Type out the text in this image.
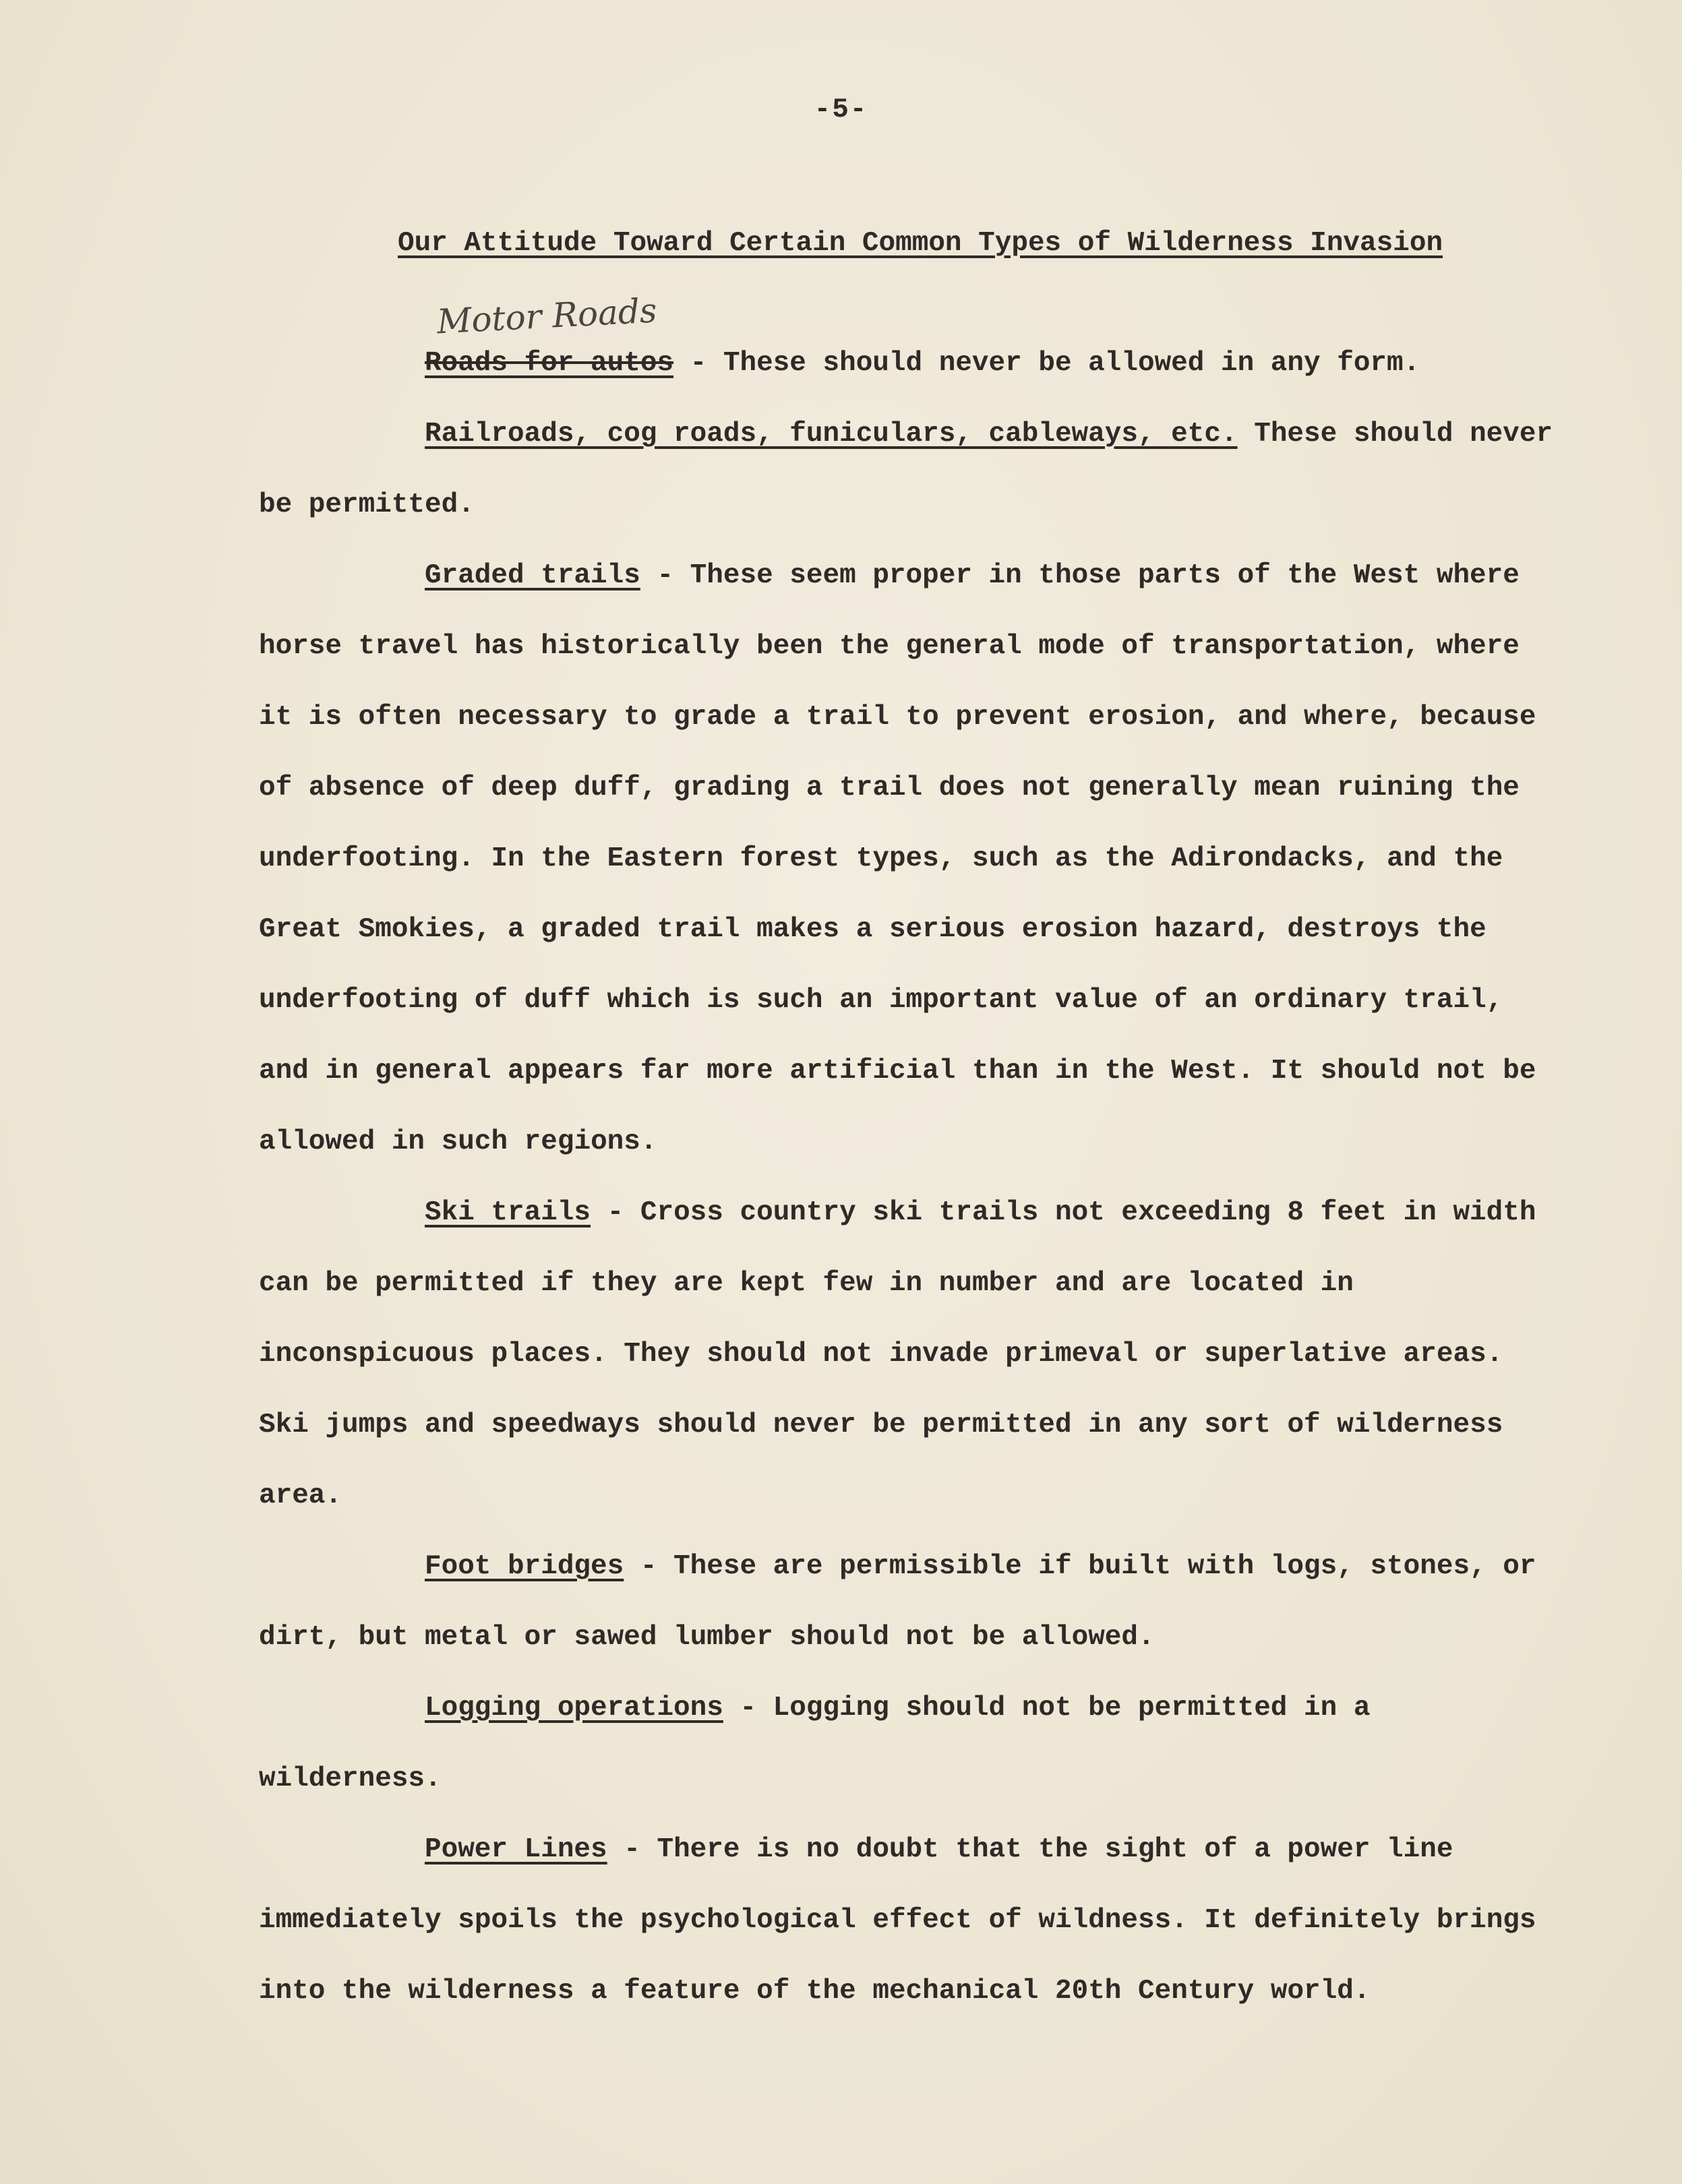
-5-
Our Attitude Toward Certain Common Types of Wilderness Invasion
Motor Roads

Roads for autos - These should never be allowed in any form.

Railroads, cog roads, funiculars, cableways, etc. These should never be permitted.

Graded trails - These seem proper in those parts of the West where horse travel has historically been the general mode of transportation, where it is often necessary to grade a trail to prevent erosion, and where, because of absence of deep duff, grading a trail does not generally mean ruining the underfooting. In the Eastern forest types, such as the Adirondacks, and the Great Smokies, a graded trail makes a serious erosion hazard, destroys the underfooting of duff which is such an important value of an ordinary trail, and in general appears far more artificial than in the West. It should not be allowed in such regions.

Ski trails - Cross country ski trails not exceeding 8 feet in width can be permitted if they are kept few in number and are located in inconspicuous places. They should not invade primeval or superlative areas. Ski jumps and speedways should never be permitted in any sort of wilderness area.

Foot bridges - These are permissible if built with logs, stones, or dirt, but metal or sawed lumber should not be allowed.

Logging operations - Logging should not be permitted in a wilderness.

Power Lines - There is no doubt that the sight of a power line immediately spoils the psychological effect of wildness. It definitely brings into the wilderness a feature of the mechanical 20th Century world.
